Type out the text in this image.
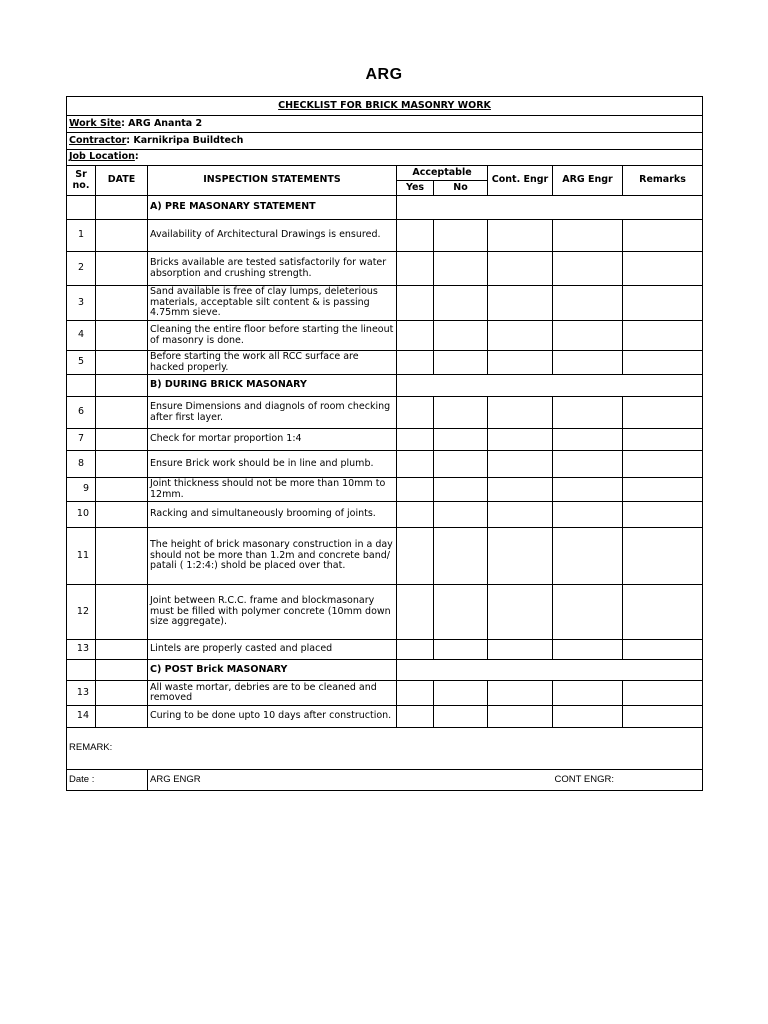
ARG
CHECKLIST FOR BRICK MASONRY WORK							
Work Site: ARG Ananta 2							
Contractor: Karnikripa Buildtech							
Job Location:							
Sr no.	DATE	INSPECTION STATEMENTS	Acceptable		Cont. Engr	ARG Engr	Remarks
			Yes	No			
		A) PRE MASONARY STATEMENT					
1		Availability of Architectural Drawings is ensured.					
2		Bricks available are tested satisfactorily for water absorption and crushing strength.					
3		Sand available is free of clay lumps, deleterious materials, acceptable silt content & is passing 4.75mm sieve.					
4		Cleaning the entire floor before starting the lineout of masonry is done.					
5		Before starting the work all RCC surface are hacked properly.					
		B) DURING BRICK MASONARY					
6		Ensure Dimensions and diagnols of room checking after first layer.					
7		Check for mortar proportion 1:4					
8		Ensure Brick work should be in line and plumb.					
9		Joint thickness should not be more than 10mm to 12mm.					
10		Racking and simultaneously brooming of joints.					
11		The height of brick masonary construction in a day should not be more than 1.2m and concrete band/ patali ( 1:2:4:) shold be placed over that.					
12		Joint between R.C.C. frame and blockmasonary must be filled with polymer concrete (10mm down size aggregate).					
13		Lintels are properly casted and placed					
		C) POST Brick MASONARY					
13		All waste mortar, debries are to be cleaned and removed					
14		Curing to be done upto 10 days after construction.					
REMARK:							
Date :		ARG ENGR CONT ENGR:					
